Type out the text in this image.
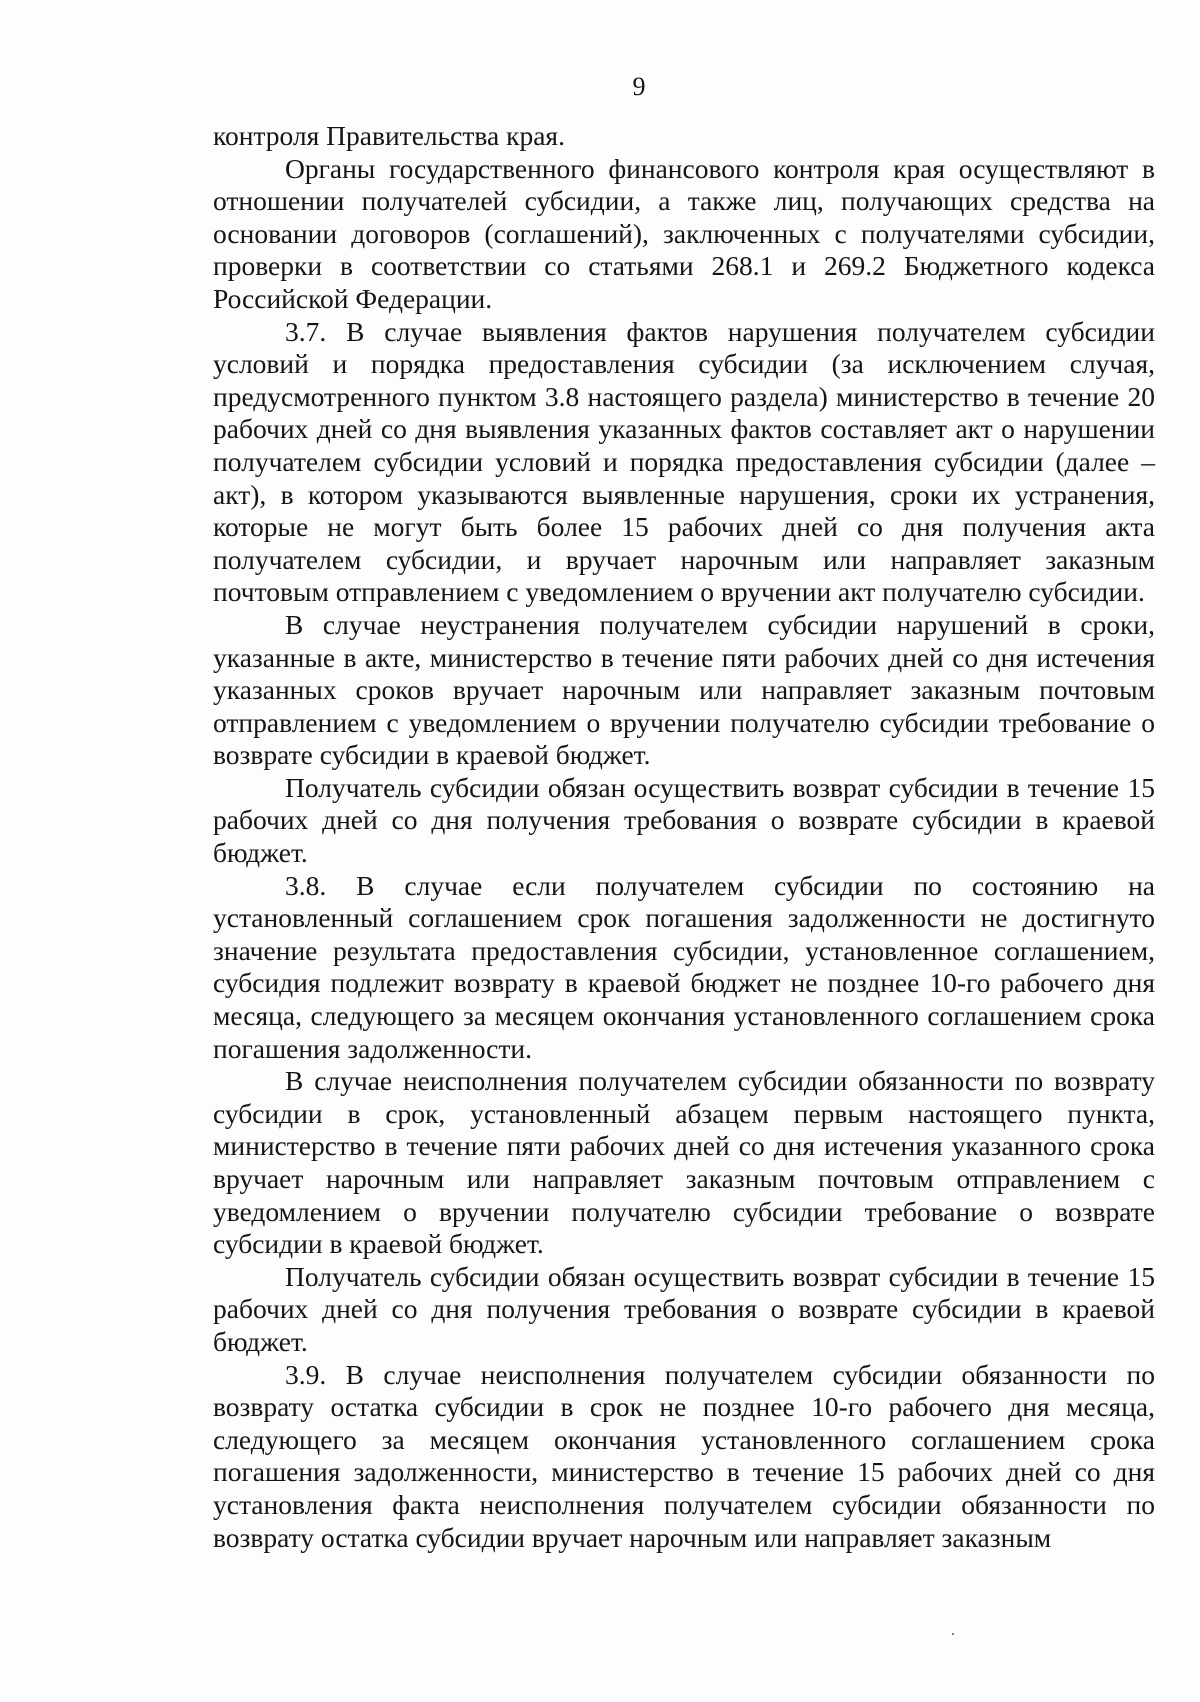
9

контроля Правительства края.

Органы государственного финансового контроля края осуществляют в отношении получателей субсидии, а также лиц, получающих средства на основании договоров (соглашений), заключенных с получателями субсидии, проверки в соответствии со статьями 268.1 и 269.2 Бюджетного кодекса Российской Федерации.

3.7. В случае выявления фактов нарушения получателем субсидии условий и порядка предоставления субсидии (за исключением случая, предусмотренного пунктом 3.8 настоящего раздела) министерство в течение 20 рабочих дней со дня выявления указанных фактов составляет акт о нарушении получателем субсидии условий и порядка предоставления субсидии (далее – акт), в котором указываются выявленные нарушения, сроки их устранения, которые не могут быть более 15 рабочих дней со дня получения акта получателем субсидии, и вручает нарочным или направляет заказным почтовым отправлением с уведомлением о вручении акт получателю субсидии.

В случае неустранения получателем субсидии нарушений в сроки, указанные в акте, министерство в течение пяти рабочих дней со дня истечения указанных сроков вручает нарочным или направляет заказным почтовым отправлением с уведомлением о вручении получателю субсидии требование о возврате субсидии в краевой бюджет.

Получатель субсидии обязан осуществить возврат субсидии в течение 15 рабочих дней со дня получения требования о возврате субсидии в краевой бюджет.

3.8. В случае если получателем субсидии по состоянию на установленный соглашением срок погашения задолженности не достигнуто значение результата предоставления субсидии, установленное соглашением, субсидия подлежит возврату в краевой бюджет не позднее 10-го рабочего дня месяца, следующего за месяцем окончания установленного соглашением срока погашения задолженности.

В случае неисполнения получателем субсидии обязанности по возврату субсидии в срок, установленный абзацем первым настоящего пункта, министерство в течение пяти рабочих дней со дня истечения указанного срока вручает нарочным или направляет заказным почтовым отправлением с уведомлением о вручении получателю субсидии требование о возврате субсидии в краевой бюджет.

Получатель субсидии обязан осуществить возврат субсидии в течение 15 рабочих дней со дня получения требования о возврате субсидии в краевой бюджет.

3.9. В случае неисполнения получателем субсидии обязанности по возврату остатка субсидии в срок не позднее 10-го рабочего дня месяца, следующего за месяцем окончания установленного соглашением срока погашения задолженности, министерство в течение 15 рабочих дней со дня установления факта неисполнения получателем субсидии обязанности по возврату остатка субсидии вручает нарочным или направляет заказным
